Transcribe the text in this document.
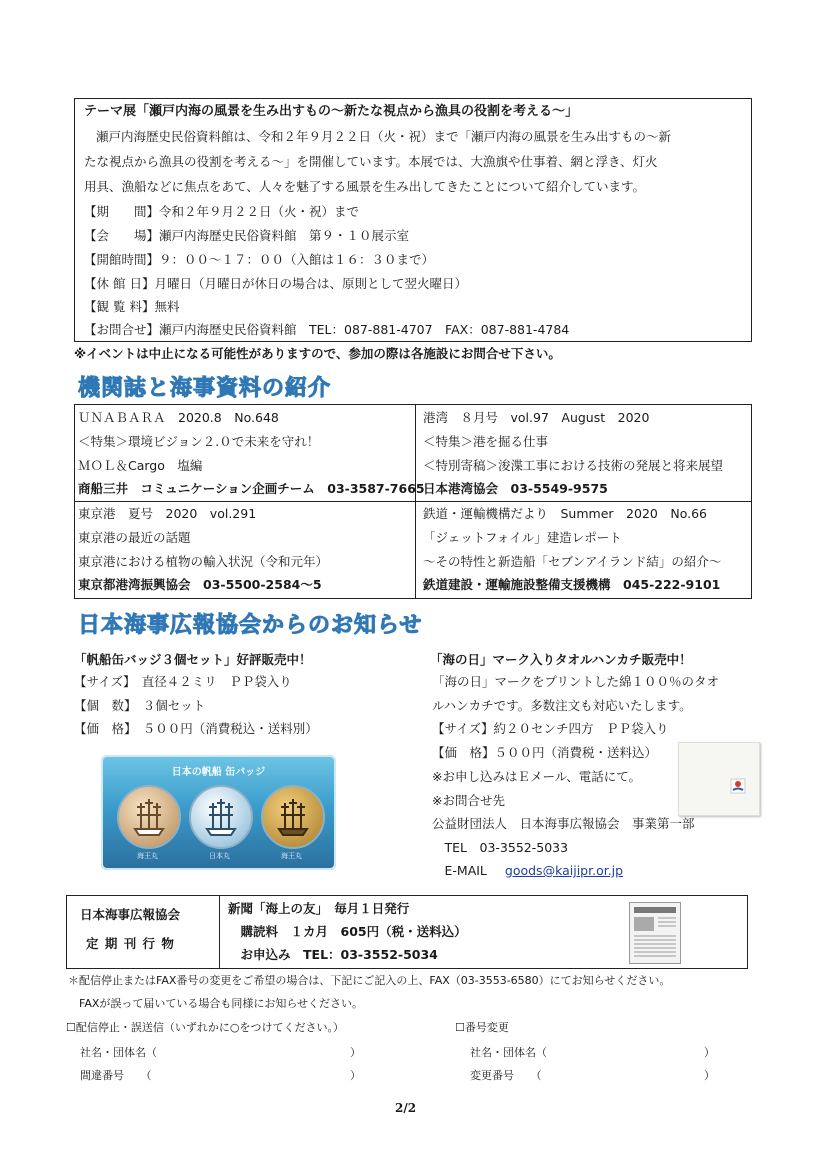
テーマ展「瀬戸内海の風景を生み出すもの〜新たな視点から漁具の役割を考える〜」
瀬戸内海歴史民俗資料館は、令和２年９月２２日（火・祝）まで「瀬戸内海の風景を生み出すもの〜新
たな視点から漁具の役割を考える〜」を開催しています。本展では、大漁旗や仕事着、網と浮き、灯火
用具、漁船などに焦点をあて、人々を魅了する風景を生み出してきたことについて紹介しています。
【期　　間】令和２年９月２２日（火・祝）まで
【会　　場】瀬戸内海歴史民俗資料館　第９・１０展示室
【開館時間】９：００〜１７：００（入館は１６：３０まで）
【休 館 日】月曜日（月曜日が休日の場合は、原則として翌火曜日）
【観 覧 料】無料
【お問合せ】瀬戸内海歴史民俗資料館　TEL：087-881-4707　FAX：087-881-4784
※イベントは中止になる可能性がありますので、参加の際は各施設にお問合せ下さい。
機関誌と海事資料の紹介
ＵＮＡＢＡＲＡ　2020.8　No.648
＜特集＞環境ビジョン２.０で未来を守れ！
ＭＯＬ＆Cargo　塩編
商船三井　コミュニケーション企画チーム　03-3587-7665
港湾　８月号　vol.97　August　2020
＜特集＞港を掘る仕事
＜特別寄稿＞浚渫工事における技術の発展と将来展望
日本港湾協会　03-5549-9575
東京港　夏号　2020　vol.291
東京港の最近の話題
東京港における植物の輸入状況（令和元年）
東京都港湾振興協会　03-5500-2584〜5
鉄道・運輸機構だより　Summer　2020　No.66
「ジェットフォイル」建造レポート
〜その特性と新造船「セブンアイランド結」の紹介〜
鉄道建設・運輸施設整備支援機構　045-222-9101
日本海事広報協会からのお知らせ
「帆船缶バッジ３個セット」好評販売中！
【サイズ】　直径４２ミリ　ＰＰ袋入り
【個　数】　３個セット
【価　格】　５００円（消費税込・送料別）
日本の帆船 缶バッジ
海王丸	日本丸	海王丸
「海の日」マーク入りタオルハンカチ販売中！
「海の日」マークをプリントした綿１００％のタオ
ルハンカチです。多数注文も対応いたします。
【サイズ】約２０センチ四方　ＰＰ袋入り
【価　格】５００円（消費税・送料込）
※お申し込みはＥメール、電話にて。
※お問合せ先
公益財団法人　日本海事広報協会　事業第一部
　TEL　03-3552-5033
　E-MAIL goods@kaijipr.or.jp
日本海事広報協会
定 期 刊 行 物
新聞「海上の友」　毎月１日発行
　購読料　１カ月　605円（税・送料込）
　お申込み　TEL：03-3552-5034
＊配信停止またはFAX番号の変更をご希望の場合は、下記にご記入の上、FAX（03-3553-6580）にてお知らせください。
　FAXが誤って届いている場合も同様にお知らせください。
☐配信停止・誤送信（いずれかに○をつけてください。）
社名・団体名（	）
間違番号　　（	）
☐番号変更
社名・団体名（	）
変更番号　　（	）
2/2
